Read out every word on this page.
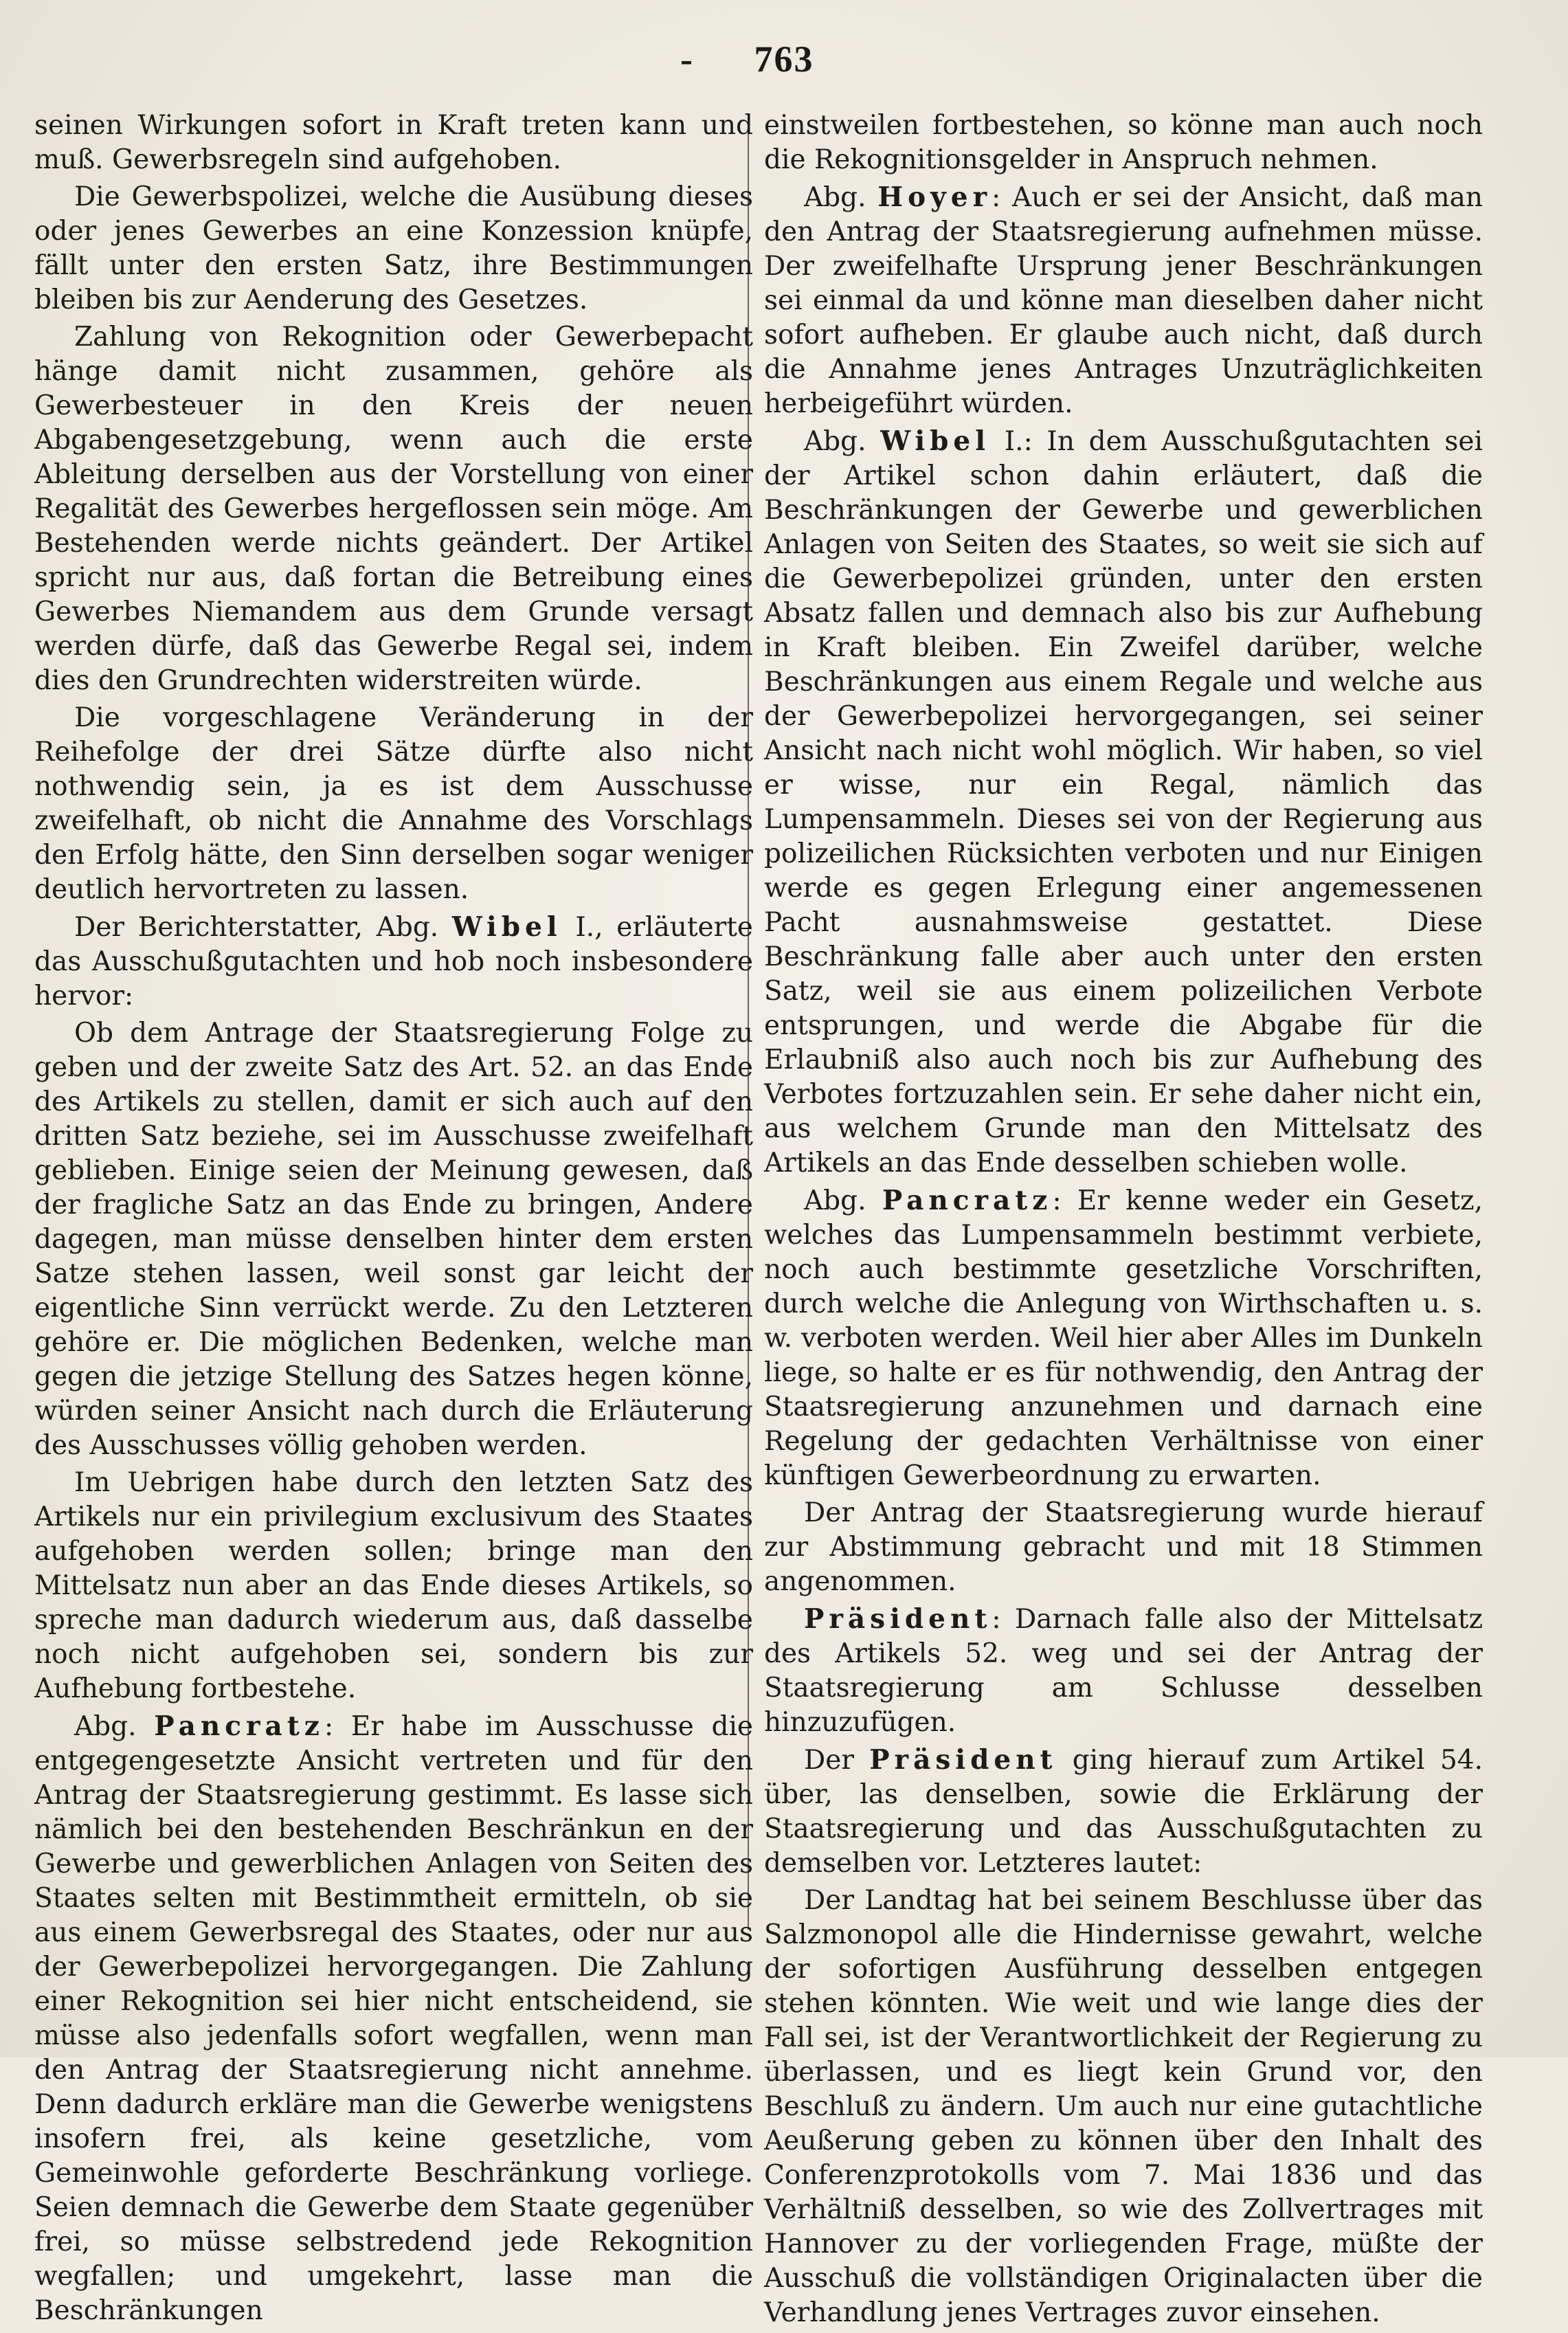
- 763

seinen Wirkungen sofort in Kraft treten kann und muß. Gewerbsregeln sind aufgehoben.

Die Gewerbspolizei, welche die Ausübung dieses oder jenes Gewerbes an eine Konzession knüpfe, fällt unter den ersten Satz, ihre Bestimmungen bleiben bis zur Aenderung des Gesetzes.

Zahlung von Rekognition oder Gewerbepacht hänge damit nicht zusammen, gehöre als Gewerbesteuer in den Kreis der neuen Abgabengesetzgebung, wenn auch die erste Ableitung derselben aus der Vorstellung von einer Regalität des Gewerbes hergeflossen sein möge. Am Bestehenden werde nichts geändert. Der Artikel spricht nur aus, daß fortan die Betreibung eines Gewerbes Niemandem aus dem Grunde versagt werden dürfe, daß das Gewerbe Regal sei, indem dies den Grundrechten widerstreiten würde.

Die vorgeschlagene Veränderung in der Reihefolge der drei Sätze dürfte also nicht nothwendig sein, ja es ist dem Ausschusse zweifelhaft, ob nicht die Annahme des Vorschlags den Erfolg hätte, den Sinn derselben sogar weniger deutlich hervortreten zu lassen.

Der Berichterstatter, Abg. Wibel I., erläuterte das Ausschußgutachten und hob noch insbesondere hervor:

Ob dem Antrage der Staatsregierung Folge zu geben und der zweite Satz des Art. 52. an das Ende des Artikels zu stellen, damit er sich auch auf den dritten Satz beziehe, sei im Ausschusse zweifelhaft geblieben. Einige seien der Meinung gewesen, daß der fragliche Satz an das Ende zu bringen, Andere dagegen, man müsse denselben hinter dem ersten Satze stehen lassen, weil sonst gar leicht der eigentliche Sinn verrückt werde. Zu den Letzteren gehöre er. Die möglichen Bedenken, welche man gegen die jetzige Stellung des Satzes hegen könne, würden seiner Ansicht nach durch die Erläuterung des Ausschusses völlig gehoben werden.

Im Uebrigen habe durch den letzten Satz des Artikels nur ein privilegium exclusivum des Staates aufgehoben werden sollen; bringe man den Mittelsatz nun aber an das Ende dieses Artikels, so spreche man dadurch wiederum aus, daß dasselbe noch nicht aufgehoben sei, sondern bis zur Aufhebung fortbestehe.

Abg. Pancratz: Er habe im Ausschusse die entgegengesetzte Ansicht vertreten und für den Antrag der Staatsregierung gestimmt. Es lasse sich nämlich bei den bestehenden Beschränkun en der Gewerbe und gewerblichen Anlagen von Seiten des Staates selten mit Bestimmtheit ermitteln, ob sie aus einem Gewerbsregal des Staates, oder nur aus der Gewerbepolizei hervorgegangen. Die Zahlung einer Rekognition sei hier nicht entscheidend, sie müsse also jedenfalls sofort wegfallen, wenn man den Antrag der Staatsregierung nicht annehme. Denn dadurch erkläre man die Gewerbe wenigstens insofern frei, als keine gesetzliche, vom Gemeinwohle geforderte Beschränkung vorliege. Seien demnach die Gewerbe dem Staate gegenüber frei, so müsse selbstredend jede Rekognition wegfallen; und umgekehrt, lasse man die Beschränkungen

einstweilen fortbestehen, so könne man auch noch die Rekognitionsgelder in Anspruch nehmen.

Abg. Hoyer: Auch er sei der Ansicht, daß man den Antrag der Staatsregierung aufnehmen müsse. Der zweifelhafte Ursprung jener Beschränkungen sei einmal da und könne man dieselben daher nicht sofort aufheben. Er glaube auch nicht, daß durch die Annahme jenes Antrages Unzuträglichkeiten herbeigeführt würden.

Abg. Wibel I.: In dem Ausschußgutachten sei der Artikel schon dahin erläutert, daß die Beschränkungen der Gewerbe und gewerblichen Anlagen von Seiten des Staates, so weit sie sich auf die Gewerbepolizei gründen, unter den ersten Absatz fallen und demnach also bis zur Aufhebung in Kraft bleiben. Ein Zweifel darüber, welche Beschränkungen aus einem Regale und welche aus der Gewerbepolizei hervorgegangen, sei seiner Ansicht nach nicht wohl möglich. Wir haben, so viel er wisse, nur ein Regal, nämlich das Lumpensammeln. Dieses sei von der Regierung aus polizeilichen Rücksichten verboten und nur Einigen werde es gegen Erlegung einer angemessenen Pacht ausnahmsweise gestattet. Diese Beschränkung falle aber auch unter den ersten Satz, weil sie aus einem polizeilichen Verbote entsprungen, und werde die Abgabe für die Erlaubniß also auch noch bis zur Aufhebung des Verbotes fortzuzahlen sein. Er sehe daher nicht ein, aus welchem Grunde man den Mittelsatz des Artikels an das Ende desselben schieben wolle.

Abg. Pancratz: Er kenne weder ein Gesetz, welches das Lumpensammeln bestimmt verbiete, noch auch bestimmte gesetzliche Vorschriften, durch welche die Anlegung von Wirthschaften u. s. w. verboten werden. Weil hier aber Alles im Dunkeln liege, so halte er es für nothwendig, den Antrag der Staatsregierung anzunehmen und darnach eine Regelung der gedachten Verhältnisse von einer künftigen Gewerbeordnung zu erwarten.

Der Antrag der Staatsregierung wurde hierauf zur Abstimmung gebracht und mit 18 Stimmen angenommen.

Präsident: Darnach falle also der Mittelsatz des Artikels 52. weg und sei der Antrag der Staatsregierung am Schlusse desselben hinzuzufügen.

Der Präsident ging hierauf zum Artikel 54. über, las denselben, sowie die Erklärung der Staatsregierung und das Ausschußgutachten zu demselben vor. Letzteres lautet:

Der Landtag hat bei seinem Beschlusse über das Salzmonopol alle die Hindernisse gewahrt, welche der sofortigen Ausführung desselben entgegen stehen könnten. Wie weit und wie lange dies der Fall sei, ist der Verantwortlichkeit der Regierung zu überlassen, und es liegt kein Grund vor, den Beschluß zu ändern. Um auch nur eine gutachtliche Aeußerung geben zu können über den Inhalt des Conferenzprotokolls vom 7. Mai 1836 und das Verhältniß desselben, so wie des Zollvertrages mit Hannover zu der vorliegenden Frage, müßte der Ausschuß die vollständigen Originalacten über die Verhandlung jenes Vertrages zuvor einsehen.
